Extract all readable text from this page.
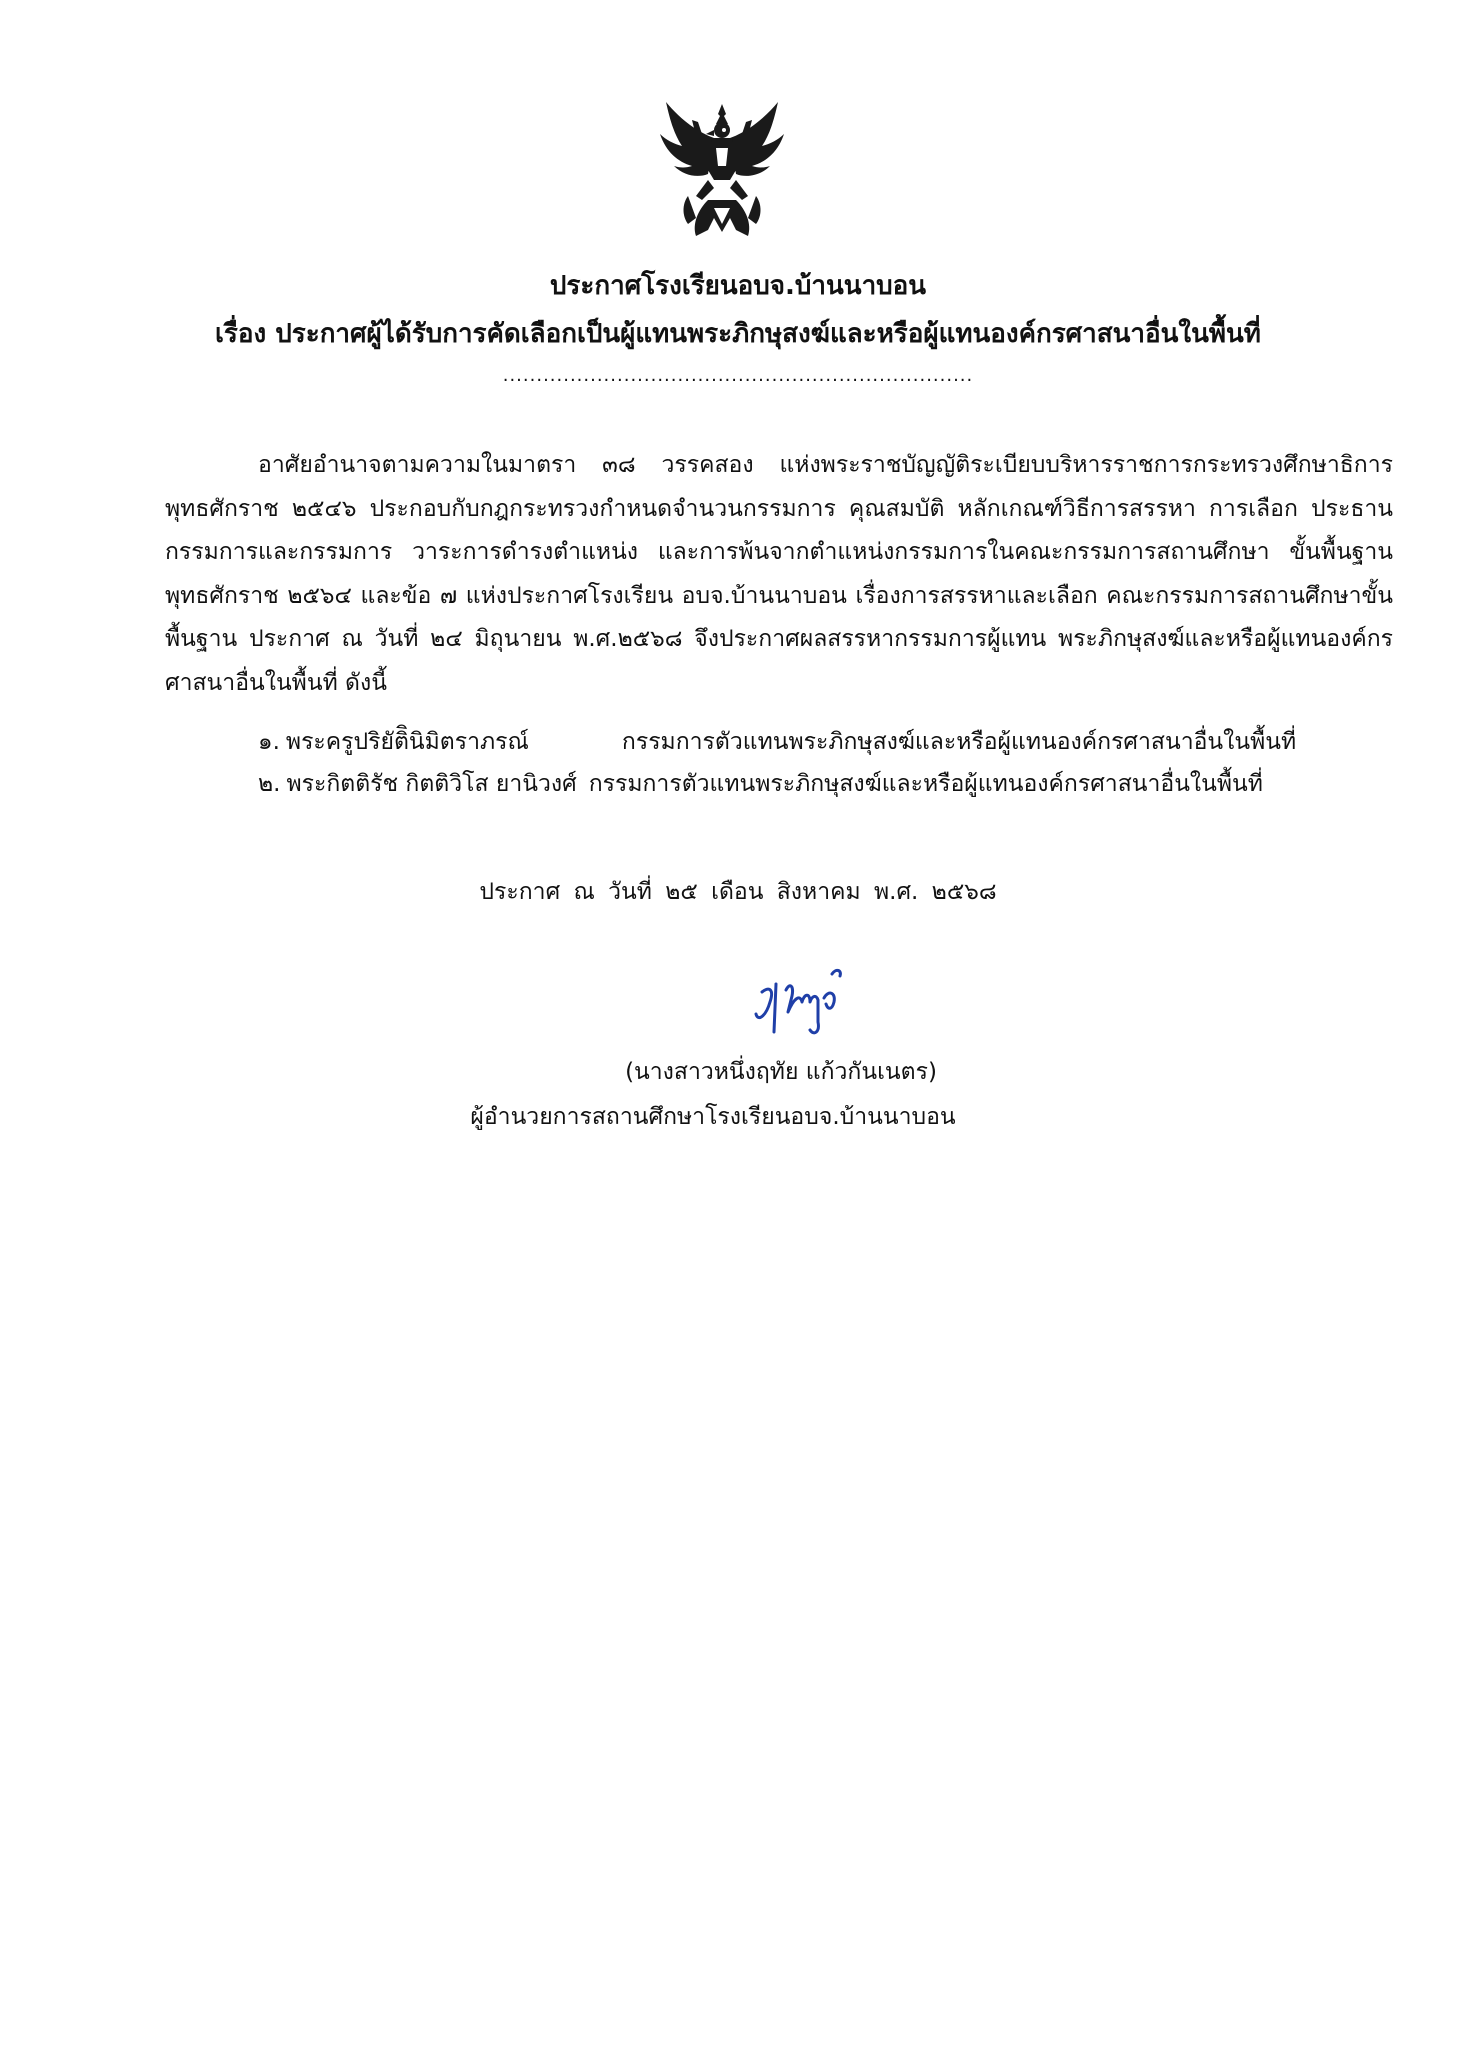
ประกาศโรงเรียนอบจ.บ้านนาบอน
เรื่อง ประกาศผู้ได้รับการคัดเลือกเป็นผู้แทนพระภิกษุสงฆ์และหรือผู้แทนองค์กรศาสนาอื่นในพื้นที่
......................................................................

อาศัยอำนาจตามความในมาตรา ๓๘ วรรคสอง แห่งพระราชบัญญัติระเบียบบริหารราชการกระทรวงศึกษาธิการ พุทธศักราช ๒๕๔๖ ประกอบกับกฎกระทรวงกำหนดจำนวนกรรมการ คุณสมบัติ หลักเกณฑ์วิธีการสรรหา การเลือก ประธานกรรมการและกรรมการ วาระการดำรงตำแหน่ง และการพ้นจากตำแหน่งกรรมการในคณะกรรมการสถานศึกษา ขั้นพื้นฐาน พุทธศักราช ๒๕๖๔ และข้อ ๗ แห่งประกาศโรงเรียน อบจ.บ้านนาบอน เรื่องการสรรหาและเลือก คณะกรรมการสถานศึกษาขั้นพื้นฐาน ประกาศ ณ วันที่ ๒๔ มิถุนายน พ.ศ.๒๕๖๘ จึงประกาศผลสรรหากรรมการผู้แทน พระภิกษุสงฆ์และหรือผู้แทนองค์กรศาสนาอื่นในพื้นที่ ดังนี้

๑. พระครูปริยัติินิมิตราภรณ์	กรรมการตัวแทนพระภิกษุสงฆ์และหรือผู้แทนองค์กรศาสนาอื่นในพื้นที่

๒. พระกิตติรัช กิตติวิโส ยานิวงศ์ กรรมการตัวแทนพระภิกษุสงฆ์และหรือผู้แทนองค์กรศาสนาอื่นในพื้นที่

ประกาศ ณ วันที่ ๒๕ เดือน สิงหาคม พ.ศ. ๒๕๖๘
(นางสาวหนึ่งฤทัย แก้วกันเนตร)
ผู้อำนวยการสถานศึกษาโรงเรียนอบจ.บ้านนาบอน
